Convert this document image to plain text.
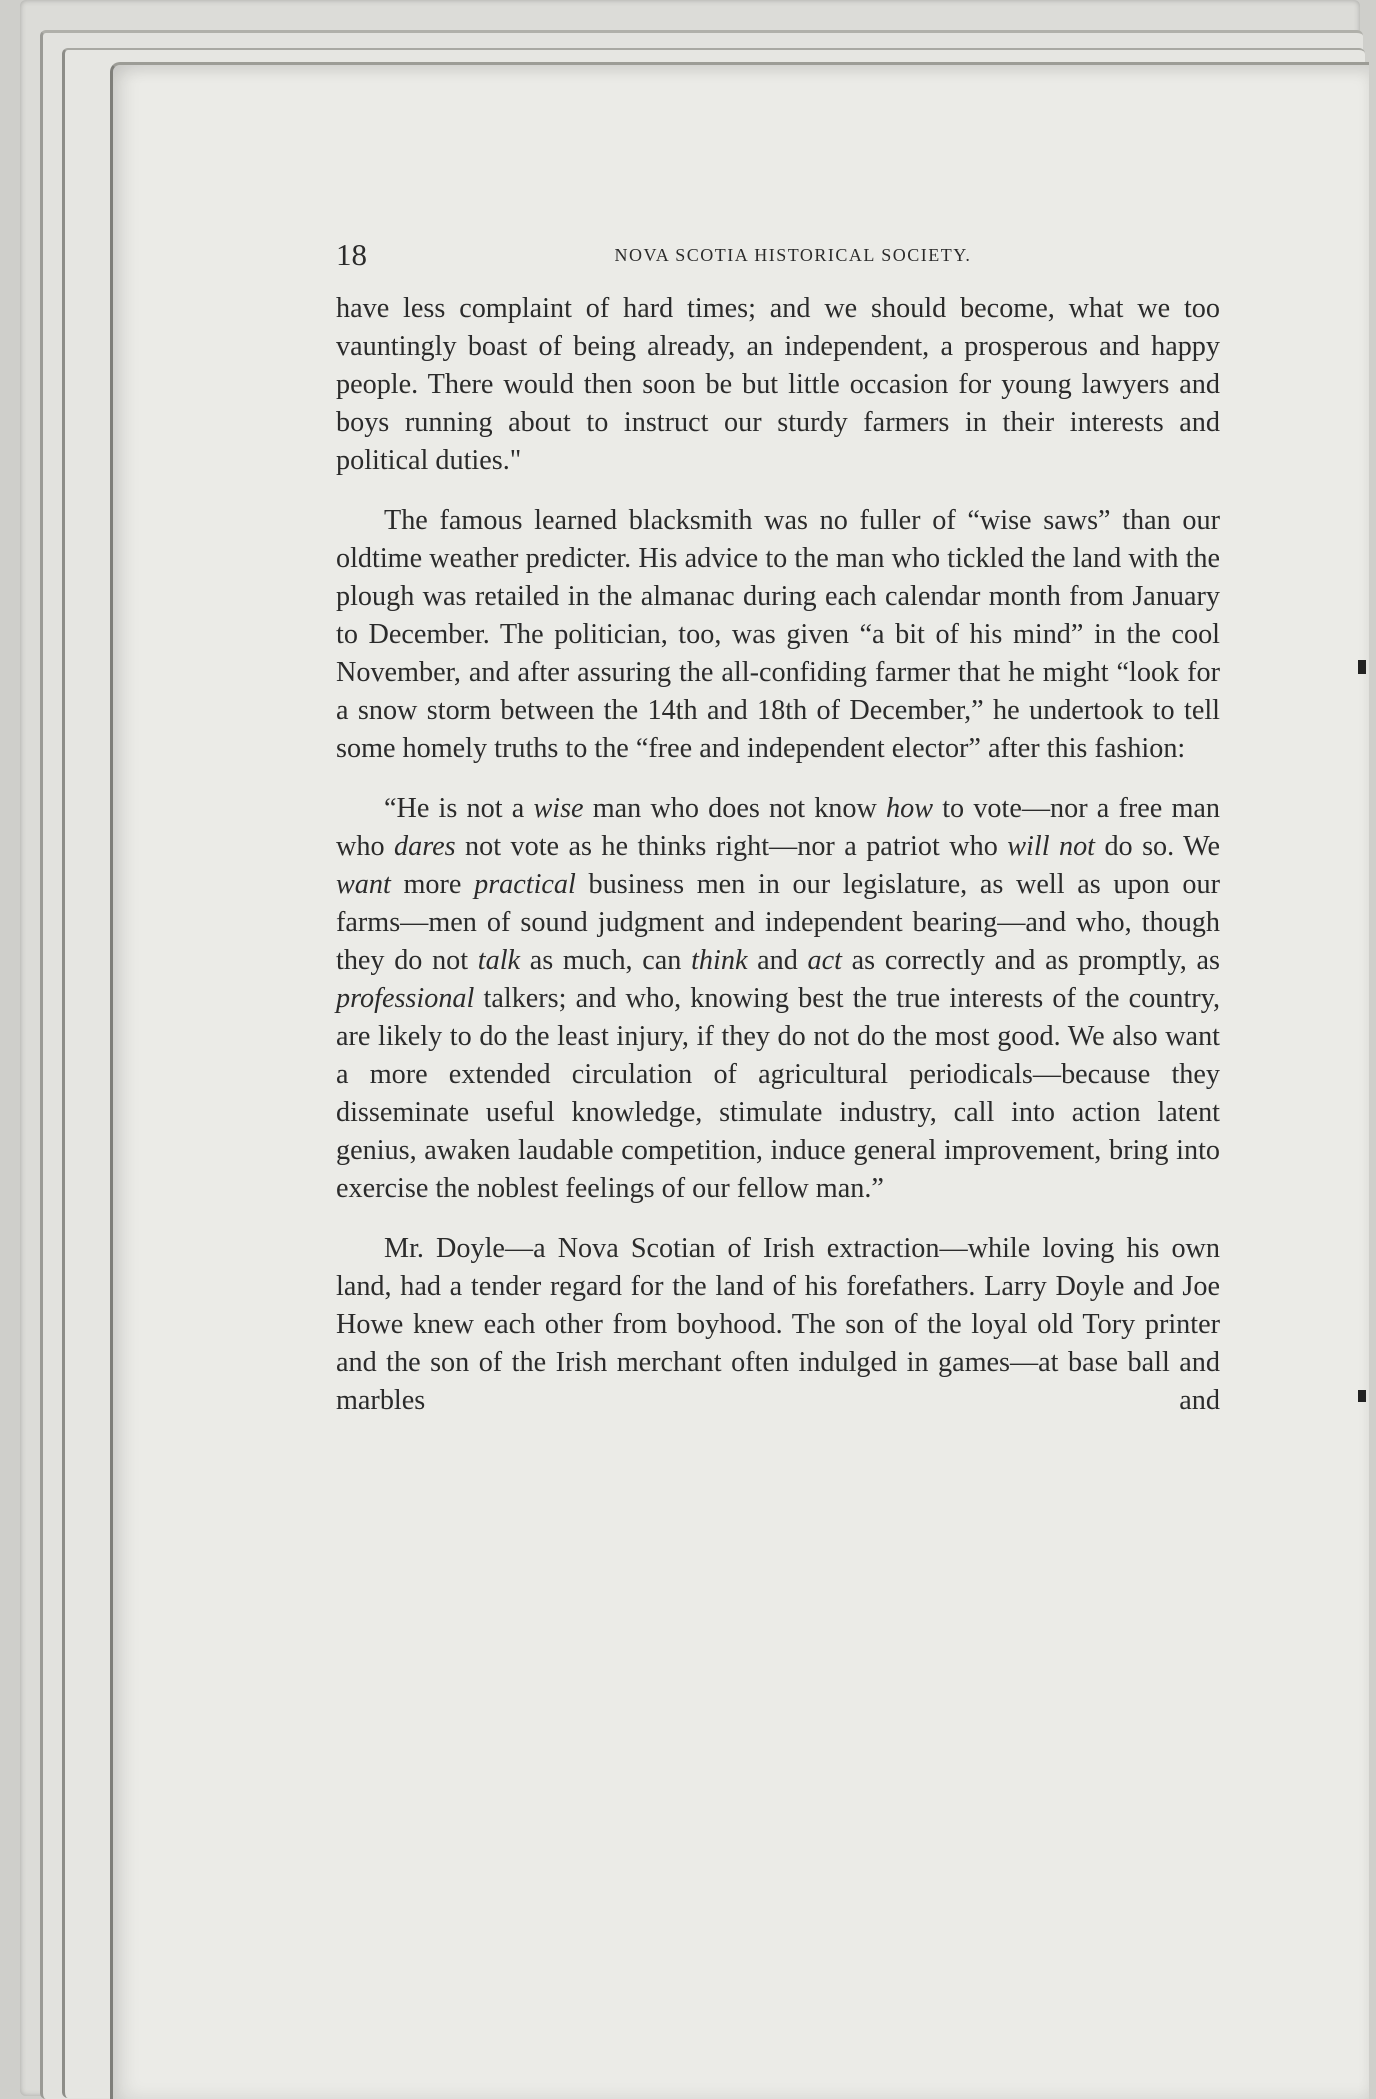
18	NOVA SCOTIA HISTORICAL SOCIETY.

have less complaint of hard times; and we should become, what we too vauntingly boast of being already, an independent, a prosperous and happy people. There would then soon be but little occasion for young lawyers and boys running about to instruct our sturdy farmers in their interests and political duties."

The famous learned blacksmith was no fuller of “wise saws” than our oldtime weather predicter. His advice to the man who tickled the land with the plough was retailed in the almanac during each calendar month from January to December. The politician, too, was given “a bit of his mind” in the cool November, and after assuring the all-confiding farmer that he might “look for a snow storm between the 14th and 18th of December,” he undertook to tell some homely truths to the “free and independent elector” after this fashion:

“He is not a wise man who does not know how to vote—nor a free man who dares not vote as he thinks right—nor a patriot who will not do so. We want more practical business men in our legislature, as well as upon our farms—men of sound judgment and independent bearing—and who, though they do not talk as much, can think and act as correctly and as promptly, as professional talkers; and who, knowing best the true interests of the country, are likely to do the least injury, if they do not do the most good. We also want a more extended circulation of agricultural periodicals—because they disseminate useful knowledge, stimulate industry, call into action latent genius, awaken laudable competition, induce general improvement, bring into exercise the noblest feelings of our fellow man.”

Mr. Doyle—a Nova Scotian of Irish extraction—while loving his own land, had a tender regard for the land of his forefathers. Larry Doyle and Joe Howe knew each other from boyhood. The son of the loyal old Tory printer and the son of the Irish merchant often indulged in games—at base ball and marbles and
